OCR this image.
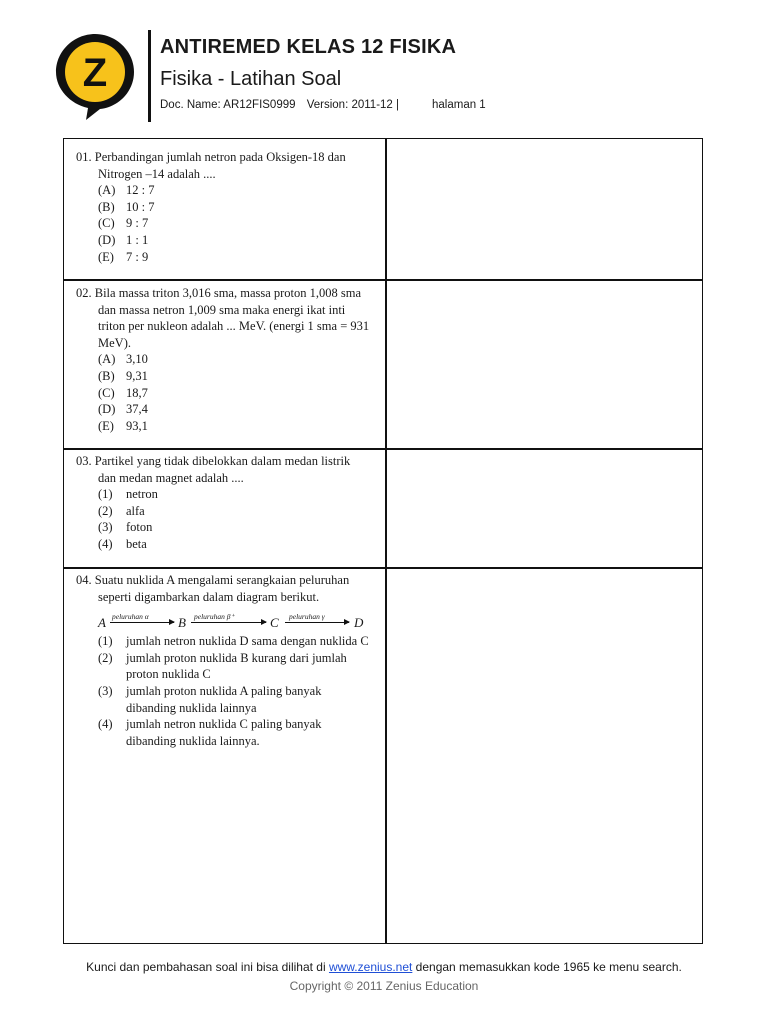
Z
ANTIREMED KELAS 12 FISIKA
Fisika - Latihan Soal
Doc. Name: AR12FIS0999 Version: 2011-12 |	halaman 1
01. Perbandingan jumlah netron pada Oksigen-18 dan Nitrogen –14 adalah ....
(A) 12 : 7
(B) 10 : 7
(C) 9 : 7
(D) 1 : 1
(E) 7 : 9
02. Bila massa triton 3,016 sma, massa proton 1,008 sma dan massa netron 1,009 sma maka energi ikat inti triton per nukleon adalah ... MeV. (energi 1 sma = 931 MeV).
(A) 3,10
(B) 9,31
(C) 18,7
(D) 37,4
(E) 93,1
03. Partikel yang tidak dibelokkan dalam medan listrik dan medan magnet adalah ....
(1)	netron
(2)	alfa
(3)	foton
(4)	beta
04. Suatu nuklida A mengalami serangkaian peluruhan seperti digambarkan dalam diagram berikut.
A peluruhan α B peluruhan β⁺	C peluruhan γ D
(1)	jumlah netron nuklida D sama dengan nuklida C
(2)	jumlah proton nuklida B kurang dari jumlah proton nuklida C
(3)	jumlah proton nuklida A paling banyak dibanding nuklida lainnya
(4)	jumlah netron nuklida C paling banyak dibanding nuklida lainnya.
Kunci dan pembahasan soal ini bisa dilihat di www.zenius.net dengan memasukkan kode 1965 ke menu search.
Copyright © 2011 Zenius Education
